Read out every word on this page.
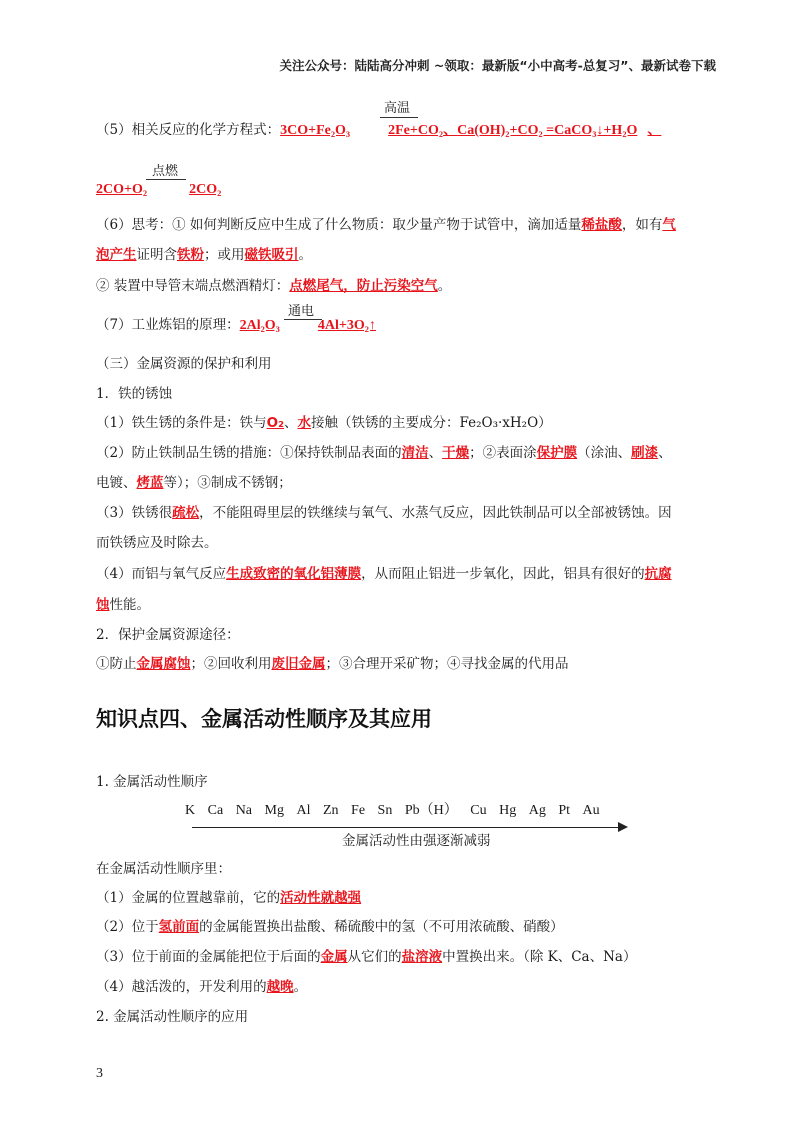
关注公众号：陆陆高分冲刺 ~领取：最新版“小中高考-总复习”、最新试卷下载
（5）相关反应的化学方程式：3CO+Fe₂O₃	2Fe+CO₂、Ca(OH)₂+CO₂ =CaCO₃↓+H₂O 、
高温
点燃
2CO+O₂	2CO₂
（6）思考：① 如何判断反应中生成了什么物质：取少量产物于试管中，滴加适量稀盐酸，如有气
泡产生证明含铁粉；或用磁铁吸引。
② 装置中导管末端点燃酒精灯：点燃尾气，防止污染空气。
通电
（7）工业炼铝的原理：2Al₂O₃	4Al+3O₂↑
（三）金属资源的保护和利用
1．铁的锈蚀
（1）铁生锈的条件是：铁与O₂、水接触（铁锈的主要成分：Fe₂O₃·xH₂O）
（2）防止铁制品生锈的措施：①保持铁制品表面的清洁、干燥；②表面涂保护膜（涂油、刷漆、
电镀、烤蓝等）；③制成不锈钢；
（3）铁锈很疏松，不能阻碍里层的铁继续与氧气、水蒸气反应，因此铁制品可以全部被锈蚀。因
而铁锈应及时除去。
（4）而铝与氧气反应生成致密的氧化铝薄膜，从而阻止铝进一步氧化，因此，铝具有很好的抗腐
蚀性能。
2．保护金属资源途径：
①防止金属腐蚀；②回收利用废旧金属；③合理开采矿物；④寻找金属的代用品
知识点四、金属活动性顺序及其应用
1. 金属活动性顺序
K Ca Na Mg Al Zn Fe Sn Pb（H） Cu Hg Ag Pt Au
金属活动性由强逐渐减弱
在金属活动性顺序里：
（1）金属的位置越靠前，它的活动性就越强
（2）位于氢前面的金属能置换出盐酸、稀硫酸中的氢（不可用浓硫酸、硝酸）
（3）位于前面的金属能把位于后面的金属从它们的盐溶液中置换出来。（除 K、Ca、Na）
（4）越活泼的，开发利用的越晚。
2. 金属活动性顺序的应用
3
